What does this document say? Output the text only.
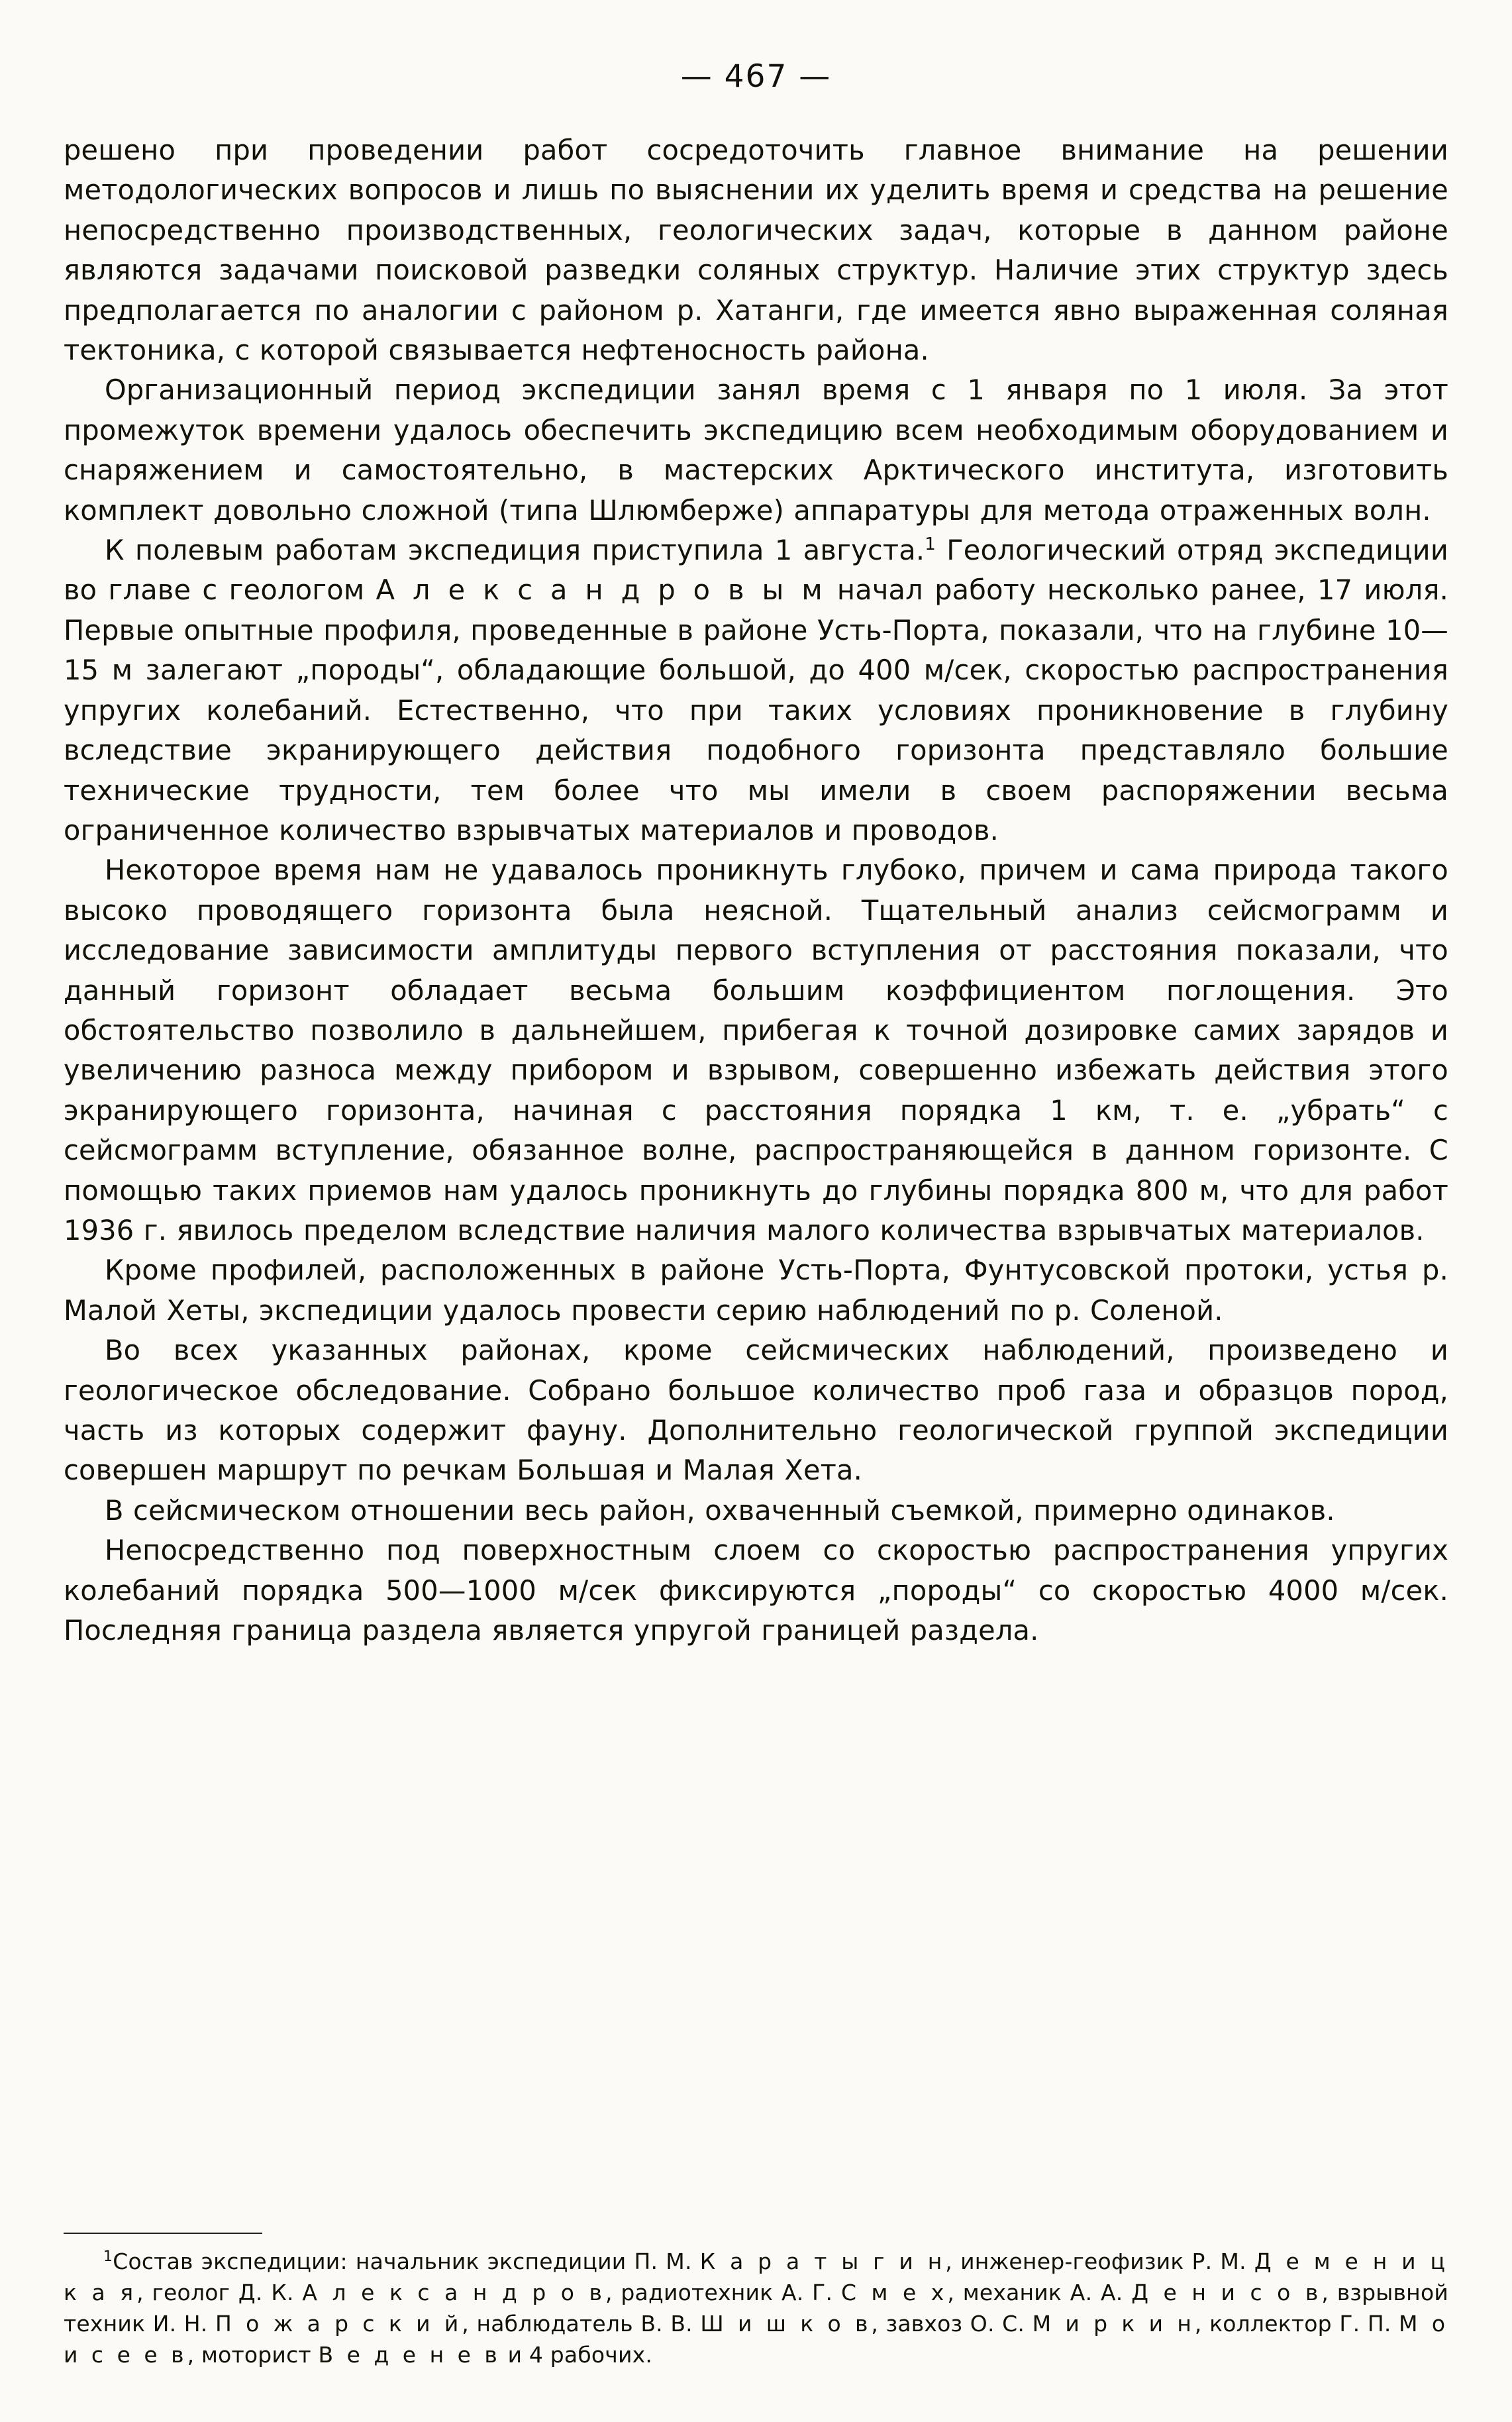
— 467 —

решено при проведении работ сосредоточить главное внимание на решении методологических вопросов и лишь по выяснении их уделить время и средства на решение непосредственно производственных, геологических задач, которые в данном районе являются задачами поисковой разведки соляных структур. Наличие этих структур здесь предполагается по аналогии с районом р. Хатанги, где имеется явно выраженная соляная тектоника, с которой связывается нефтеносность района.

Организационный период экспедиции занял время с 1 января по 1 июля. За этот промежуток времени удалось обеспечить экспедицию всем необходимым оборудованием и снаряжением и самостоятельно, в мастерских Арктического института, изготовить комплект довольно сложной (типа Шлюмберже) аппаратуры для метода отраженных волн.

К полевым работам экспедиция приступила 1 августа.$^1$ Геологический отряд экспедиции во главе с геологом А л е к с а н д р о в ы м начал работу несколько ранее, 17 июля. Первые опытные профиля, проведенные в районе Усть-Порта, показали, что на глубине 10—15 м залегают „породы“, обладающие большой, до 400 м/сек, скоростью распространения упругих колебаний. Естественно, что при таких условиях проникновение в глубину вследствие экранирующего действия подобного горизонта представляло большие технические трудности, тем более что мы имели в своем распоряжении весьма ограниченное количество взрывчатых материалов и проводов.

Некоторое время нам не удавалось проникнуть глубоко, причем и сама природа такого высоко проводящего горизонта была неясной. Тщательный анализ сейсмограмм и исследование зависимости амплитуды первого вступления от расстояния показали, что данный горизонт обладает весьма большим коэффициентом поглощения. Это обстоятельство позволило в дальнейшем, прибегая к точной дозировке самих зарядов и увеличению разноса между прибором и взрывом, совершенно избежать действия этого экранирующего горизонта, начиная с расстояния порядка 1 км, т. е. „убрать“ с сейсмограмм вступление, обязанное волне, распространяющейся в данном горизонте. С помощью таких приемов нам удалось проникнуть до глубины порядка 800 м, что для работ 1936 г. явилось пределом вследствие наличия малого количества взрывчатых материалов.

Кроме профилей, расположенных в районе Усть-Порта, Фунтусовской протоки, устья р. Малой Хеты, экспедиции удалось провести серию наблюдений по р. Соленой.

Во всех указанных районах, кроме сейсмических наблюдений, произведено и геологическое обследование. Собрано большое количество проб газа и образцов пород, часть из которых содержит фауну. Дополнительно геологической группой экспедиции совершен маршрут по речкам Большая и Малая Хета.

В сейсмическом отношении весь район, охваченный съемкой, примерно одинаков.

Непосредственно под поверхностным слоем со скоростью распространения упругих колебаний порядка 500—1000 м/сек фиксируются „породы“ со скоростью 4000 м/сек. Последняя граница раздела является упругой границей раздела.

$^1$Состав экспедиции: начальник экспедиции П. М. К а р а т ы г и н, инженер-геофизик Р. М. Д е м е н и ц к а я, геолог Д. К. А л е к с а н д р о в, радиотехник А. Г. С м е х, механик А. А. Д е н и с о в, взрывной техник И. Н. П о ж а р с к и й, наблюдатель В. В. Ш и ш к о в, завхоз О. С. М и р к и н, коллектор Г. П. М о и с е е в, моторист В е д е н е в и 4 рабочих.
